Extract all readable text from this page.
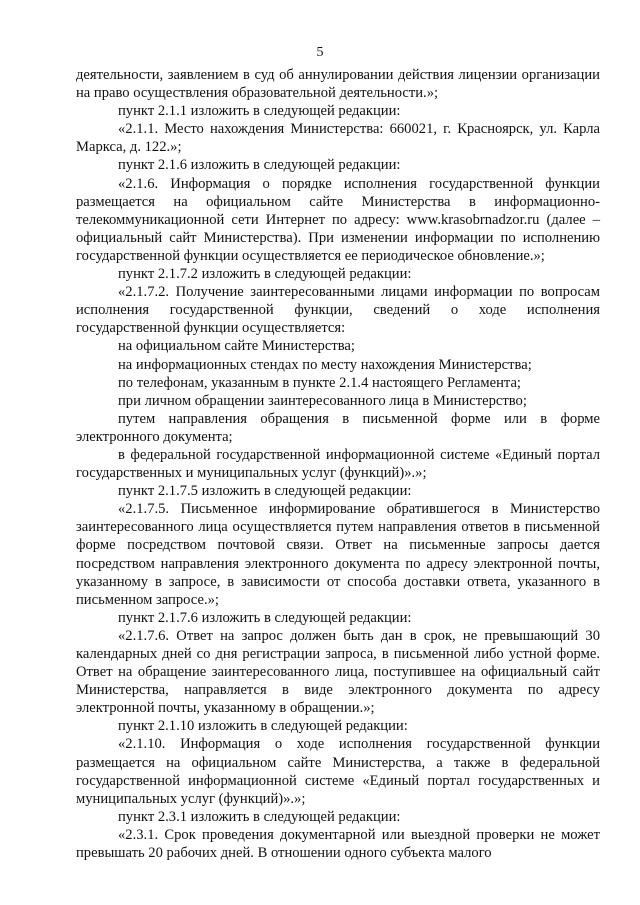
5

деятельности, заявлением в суд об аннулировании действия лицензии организации на право осуществления образовательной деятельности.»;

пункт 2.1.1 изложить в следующей редакции:

«2.1.1. Место нахождения Министерства: 660021, г. Красноярск, ул. Карла Маркса, д. 122.»;

пункт 2.1.6 изложить в следующей редакции:

«2.1.6. Информация о порядке исполнения государственной функции размещается на официальном сайте Министерства в информационно-телекоммуникационной сети Интернет по адресу: www.krasobrnadzor.ru (далее – официальный сайт Министерства). При изменении информации по исполнению государственной функции осуществляется ее периодическое обновление.»;

пункт 2.1.7.2 изложить в следующей редакции:

«2.1.7.2. Получение заинтересованными лицами информации по вопросам исполнения государственной функции, сведений о ходе исполнения государственной функции осуществляется:

на официальном сайте Министерства;

на информационных стендах по месту нахождения Министерства;

по телефонам, указанным в пункте 2.1.4 настоящего Регламента;

при личном обращении заинтересованного лица в Министерство;

путем направления обращения в письменной форме или в форме электронного документа;

в федеральной государственной информационной системе «Единый портал государственных и муниципальных услуг (функций)».»;

пункт 2.1.7.5 изложить в следующей редакции:

«2.1.7.5. Письменное информирование обратившегося в Министерство заинтересованного лица осуществляется путем направления ответов в письменной форме посредством почтовой связи. Ответ на письменные запросы дается посредством направления электронного документа по адресу электронной почты, указанному в запросе, в зависимости от способа доставки ответа, указанного в письменном запросе.»;

пункт 2.1.7.6 изложить в следующей редакции:

«2.1.7.6. Ответ на запрос должен быть дан в срок, не превышающий 30 календарных дней со дня регистрации запроса, в письменной либо устной форме. Ответ на обращение заинтересованного лица, поступившее на официальный сайт Министерства, направляется в виде электронного документа по адресу электронной почты, указанному в обращении.»;

пункт 2.1.10 изложить в следующей редакции:

«2.1.10. Информация о ходе исполнения государственной функции размещается на официальном сайте Министерства, а также в федеральной государственной информационной системе «Единый портал государственных и муниципальных услуг (функций)».»;

пункт 2.3.1 изложить в следующей редакции:

«2.3.1. Срок проведения документарной или выездной проверки не может превышать 20 рабочих дней. В отношении одного субъекта малого
